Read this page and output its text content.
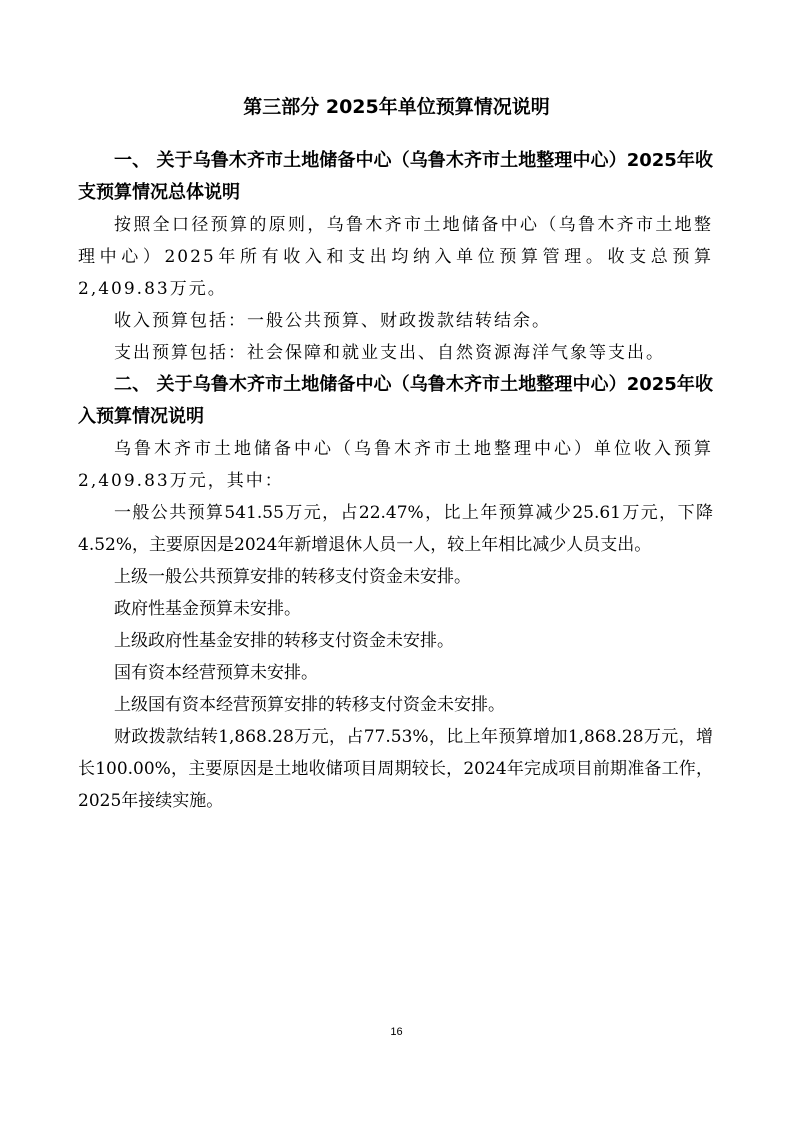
第三部分 2025年单位预算情况说明

一、 关于乌鲁木齐市土地储备中心（乌鲁木齐市土地整理中心）2025年收支预算情况总体说明

按照全口径预算的原则，乌鲁木齐市土地储备中心（乌鲁木齐市土地整理中心）2025年所有收入和支出均纳入单位预算管理。收支总预算2,409.83万元。

收入预算包括：一般公共预算、财政拨款结转结余。

支出预算包括：社会保障和就业支出、自然资源海洋气象等支出。

二、 关于乌鲁木齐市土地储备中心（乌鲁木齐市土地整理中心）2025年收入预算情况说明

乌鲁木齐市土地储备中心（乌鲁木齐市土地整理中心）单位收入预算2,409.83万元，其中：

一般公共预算541.55万元，占22.47%，比上年预算减少25.61万元，下降4.52%，主要原因是2024年新增退休人员一人，较上年相比减少人员支出。

上级一般公共预算安排的转移支付资金未安排。

政府性基金预算未安排。

上级政府性基金安排的转移支付资金未安排。

国有资本经营预算未安排。

上级国有资本经营预算安排的转移支付资金未安排。

财政拨款结转1,868.28万元，占77.53%，比上年预算增加1,868.28万元，增长100.00%，主要原因是土地收储项目周期较长，2024年完成项目前期准备工作，2025年接续实施。

16
